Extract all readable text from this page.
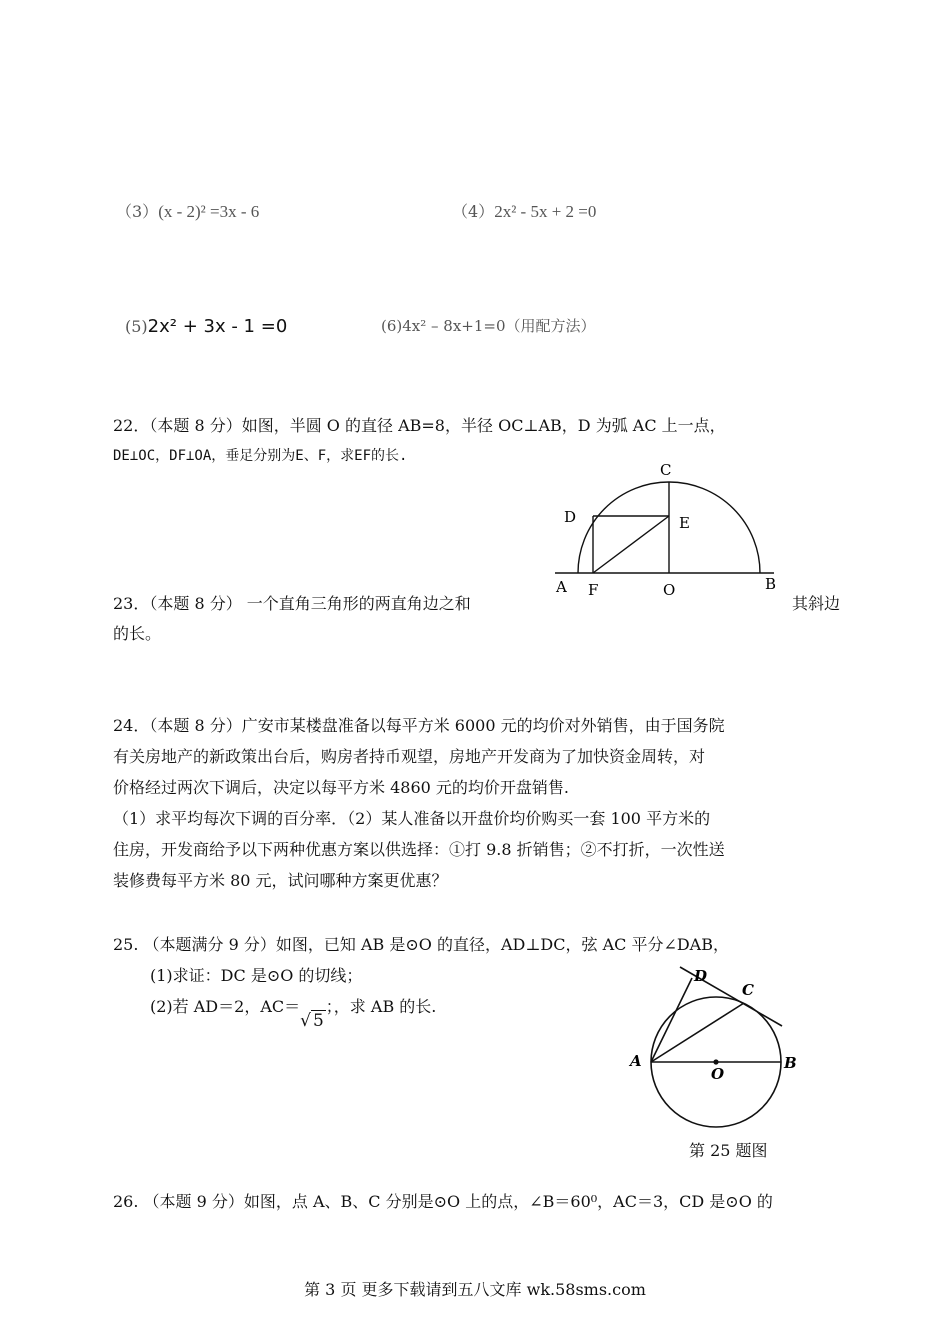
（3）(x - 2)² =3x - 6	（4）2x² - 5x + 2 =0
(5)2x² + 3x - 1 =0	(6)4x² – 8x+1=0（用配方法）

22．（本题 8 分）如图，半圆 O 的直径 AB=8，半径 OC⊥AB，D 为弧 AC 上一点，

DE⊥OC，DF⊥OA，垂足分别为E、F，求EF的长.

C
D	E
A F	O	B
23．（本题 8 分） 一个直角三角形的两直角边之和	其斜边
的长。

24．（本题 8 分）广安市某楼盘准备以每平方米 6000 元的均价对外销售，由于国务院

有关房地产的新政策出台后，购房者持币观望，房地产开发商为了加快资金周转，对

价格经过两次下调后，决定以每平方米 4860 元的均价开盘销售.

（1）求平均每次下调的百分率．（2）某人准备以开盘价均价购买一套 100 平方米的

住房，开发商给予以下两种优惠方案以供选择：①打 9.8 折销售；②不打折，一次性送

装修费每平方米 80 元，试问哪种方案更优惠？

25. （本题满分 9 分）如图，已知 AB 是⊙O 的直径，AD⊥DC，弦 AC 平分∠DAB，
(1)求证：DC 是⊙O 的切线；
(2)若 AD＝2，AC＝√ 5；，求 AB 的长.
D
C
A
O
B
第 25 题图
26. （本题 9 分）如图，点 A、B、C 分别是⊙O 上的点，∠B＝60⁰，AC＝3，CD 是⊙O 的
第 3 页 更多下载请到五八文库 wk.58sms.com
